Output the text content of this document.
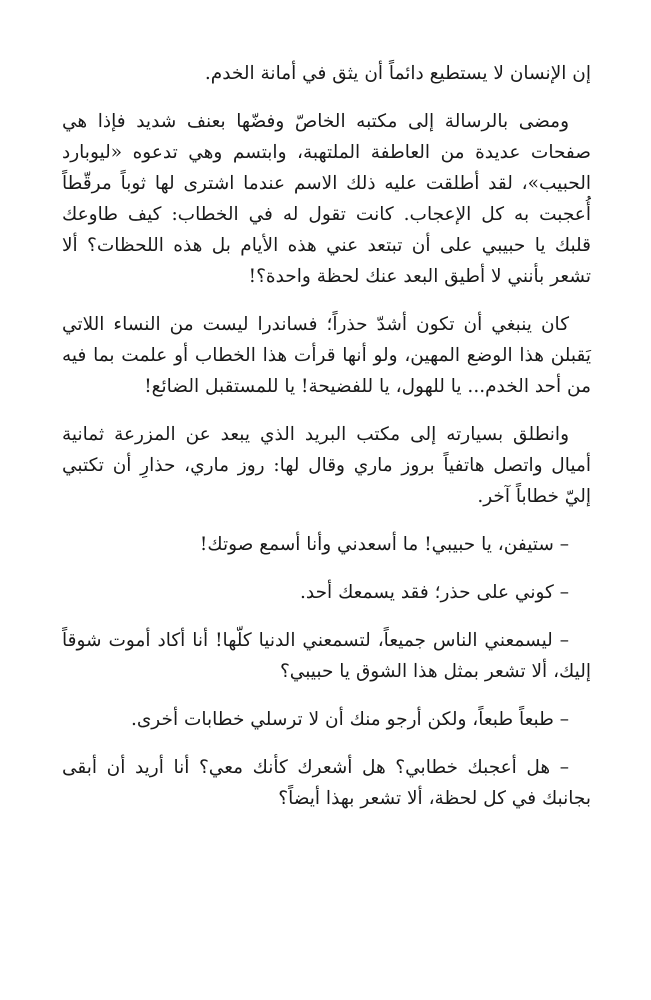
إن الإنسان لا يستطيع دائماً أن يثق في أمانة الخدم.

ومضى بالرسالة إلى مكتبه الخاصّ وفضّها بعنف شديد فإذا هي صفحات عديدة من العاطفة الملتهبة، وابتسم وهي تدعوه «ليوبارد الحبيب»، لقد أطلقت عليه ذلك الاسم عندما اشترى لها ثوباً مرقّطاً أُعجبت به كل الإعجاب. كانت تقول له في الخطاب: كيف طاوعك قلبك يا حبيبي على أن تبتعد عني هذه الأيام بل هذه اللحظات؟ ألا تشعر بأنني لا أطيق البعد عنك لحظة واحدة؟!

كان ينبغي أن تكون أشدّ حذراً؛ فساندرا ليست من النساء اللاتي يَقبلن هذا الوضع المهين، ولو أنها قرأت هذا الخطاب أو علمت بما فيه من أحد الخدم... يا للهول، يا للفضيحة! يا للمستقبل الضائع!

وانطلق بسيارته إلى مكتب البريد الذي يبعد عن المزرعة ثمانية أميال واتصل هاتفياً بروز ماري وقال لها: روز ماري، حذارِ أن تكتبي إليّ خطاباً آخر.

– ستيفن، يا حبيبي! ما أسعدني وأنا أسمع صوتك!

– كوني على حذر؛ فقد يسمعك أحد.

– ليسمعني الناس جميعاً، لتسمعني الدنيا كلّها! أنا أكاد أموت شوقاً إليك، ألا تشعر بمثل هذا الشوق يا حبيبي؟

– طبعاً طبعاً، ولكن أرجو منك أن لا ترسلي خطابات أخرى.

– هل أعجبك خطابي؟ هل أشعرك كأنك معي؟ أنا أريد أن أبقى بجانبك في كل لحظة، ألا تشعر بهذا أيضاً؟
